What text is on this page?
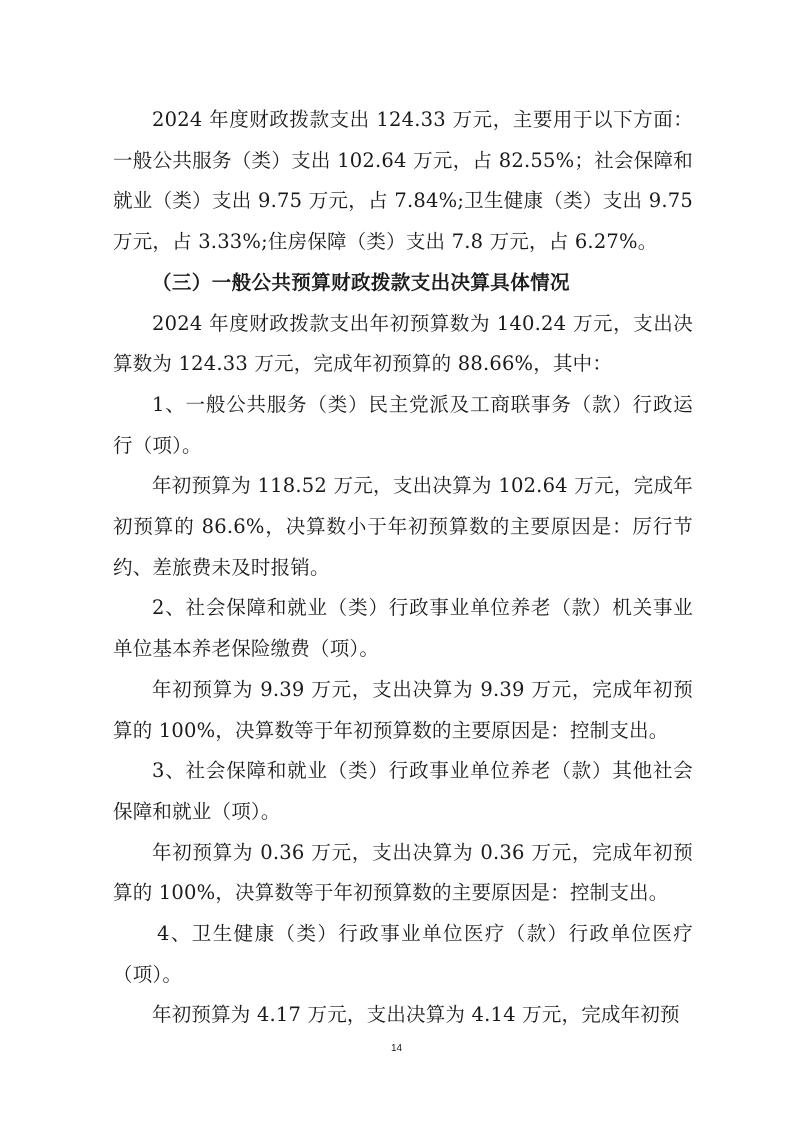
2024 年度财政拨款支出 124.33 万元，主要用于以下方面：一般公共服务（类）支出 102.64 万元，占 82.55%；社会保障和就业（类）支出 9.75 万元，占 7.84%;卫生健康（类）支出 9.75 万元，占 3.33%;住房保障（类）支出 7.8 万元，占 6.27%。

（三）一般公共预算财政拨款支出决算具体情况

2024 年度财政拨款支出年初预算数为 140.24 万元，支出决算数为 124.33 万元，完成年初预算的 88.66%，其中：

1、一般公共服务（类）民主党派及工商联事务（款）行政运行（项）。

年初预算为 118.52 万元，支出决算为 102.64 万元，完成年初预算的 86.6%，决算数小于年初预算数的主要原因是：厉行节约、差旅费未及时报销。

2、社会保障和就业（类）行政事业单位养老（款）机关事业单位基本养老保险缴费（项）。

年初预算为 9.39 万元，支出决算为 9.39 万元，完成年初预算的 100%，决算数等于年初预算数的主要原因是：控制支出。

3、社会保障和就业（类）行政事业单位养老（款）其他社会保障和就业（项）。

年初预算为 0.36 万元，支出决算为 0.36 万元，完成年初预算的 100%，决算数等于年初预算数的主要原因是：控制支出。

4、卫生健康（类）行政事业单位医疗（款）行政单位医疗（项）。

年初预算为 4.17 万元，支出决算为 4.14 万元，完成年初预

14
